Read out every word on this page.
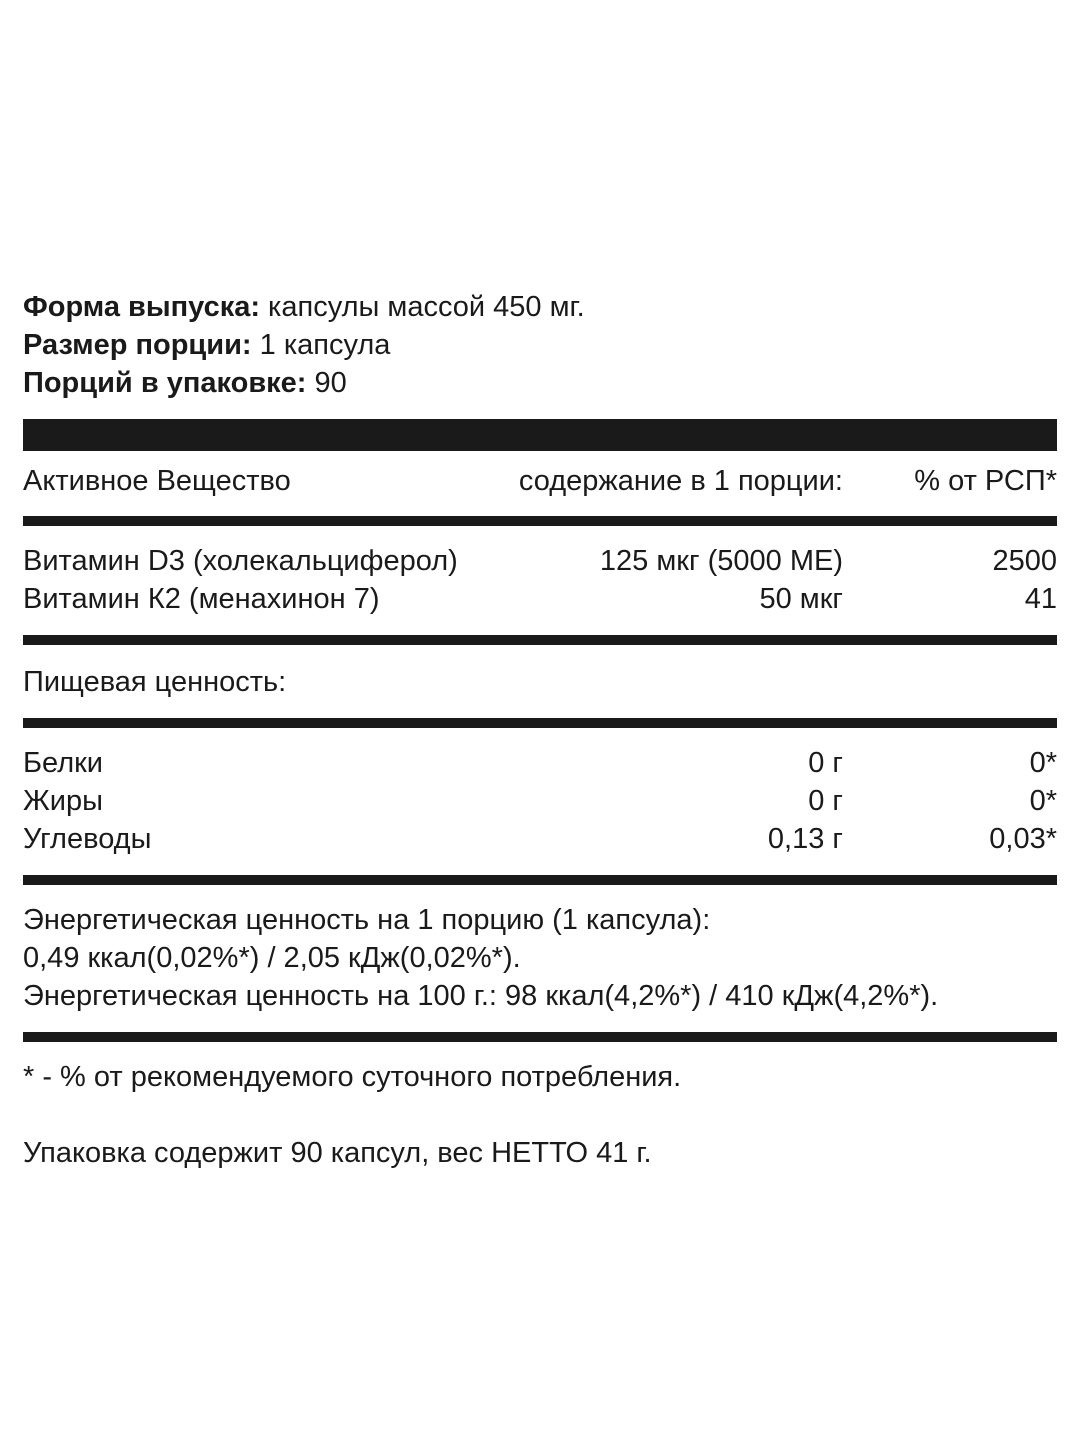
Форма выпуска: капсулы массой 450 мг.
Размер порции: 1 капсула
Порций в упаковке: 90
Активное Вещество	содержание в 1 порции:	% от РСП*
Витамин D3 (холекальциферол)	125 мкг (5000 МЕ)	2500
Витамин К2 (менахинон 7)	50 мкг	41
Пищевая ценность:
Белки	0 г	0*
Жиры	0 г	0*
Углеводы	0,13 г	0,03*
Энергетическая ценность на 1 порцию (1 капсула):
0,49 ккал(0,02%*) / 2,05 кДж(0,02%*).
Энергетическая ценность на 100 г.: 98 ккал(4,2%*) / 410 кДж(4,2%*).
* - % от рекомендуемого суточного потребления.
Упаковка содержит 90 капсул, вес НЕТТО 41 г.
